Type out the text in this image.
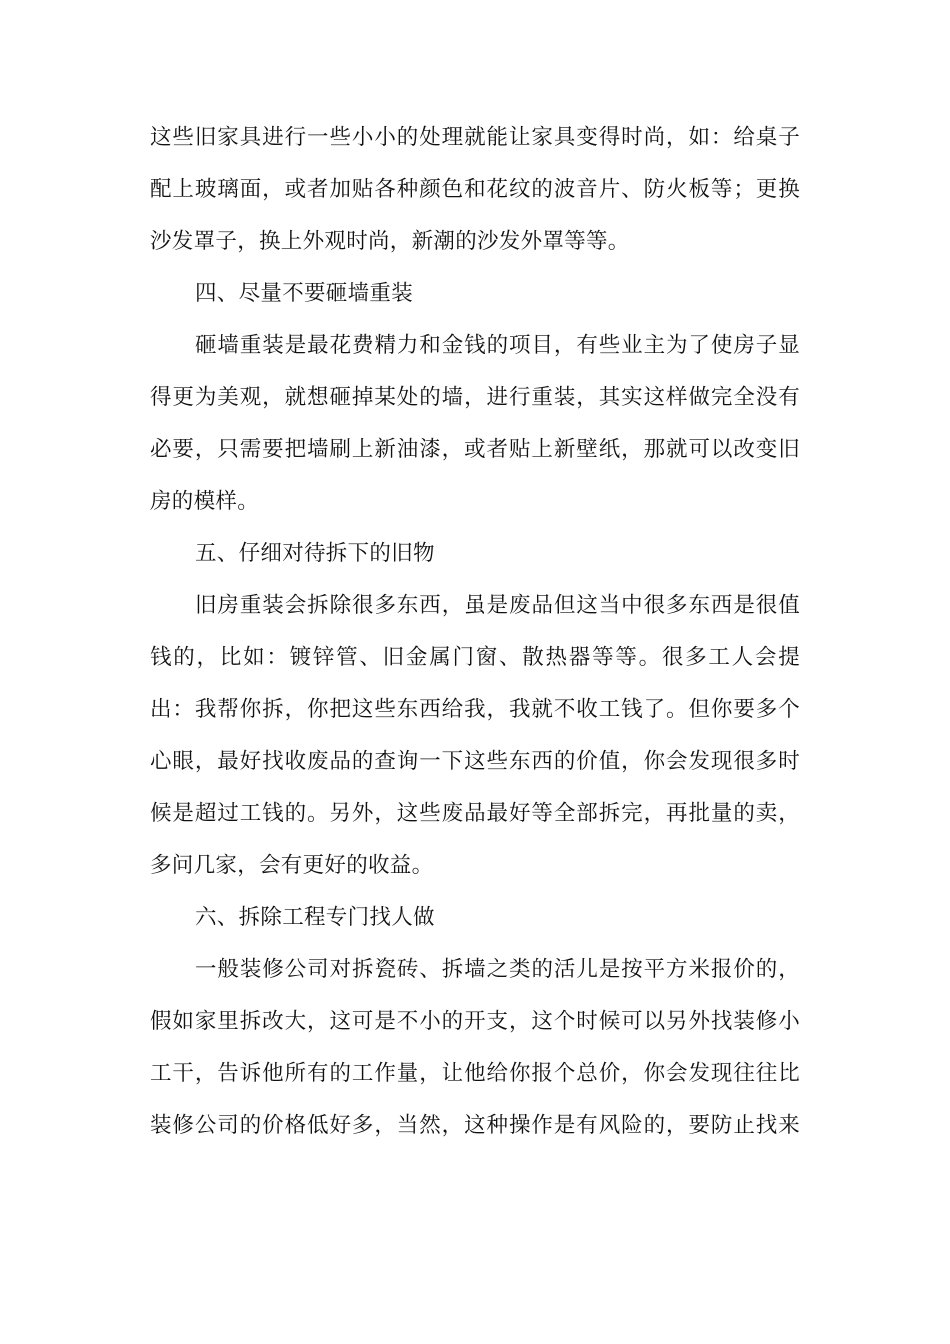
这些旧家具进行一些小小的处理就能让家具变得时尚，如：给桌子
配上玻璃面，或者加贴各种颜色和花纹的波音片、防火板等；更换
沙发罩子，换上外观时尚，新潮的沙发外罩等等。
四、尽量不要砸墙重装
砸墙重装是最花费精力和金钱的项目，有些业主为了使房子显
得更为美观，就想砸掉某处的墙，进行重装，其实这样做完全没有
必要，只需要把墙刷上新油漆，或者贴上新壁纸，那就可以改变旧
房的模样。
五、仔细对待拆下的旧物
旧房重装会拆除很多东西，虽是废品但这当中很多东西是很值
钱的，比如：镀锌管、旧金属门窗、散热器等等。很多工人会提
出：我帮你拆，你把这些东西给我，我就不收工钱了。但你要多个
心眼，最好找收废品的查询一下这些东西的价值，你会发现很多时
候是超过工钱的。另外，这些废品最好等全部拆完，再批量的卖，
多问几家，会有更好的收益。
六、拆除工程专门找人做
一般装修公司对拆瓷砖、拆墙之类的活儿是按平方米报价的，
假如家里拆改大，这可是不小的开支，这个时候可以另外找装修小
工干，告诉他所有的工作量，让他给你报个总价，你会发现往往比
装修公司的价格低好多，当然，这种操作是有风险的，要防止找来
